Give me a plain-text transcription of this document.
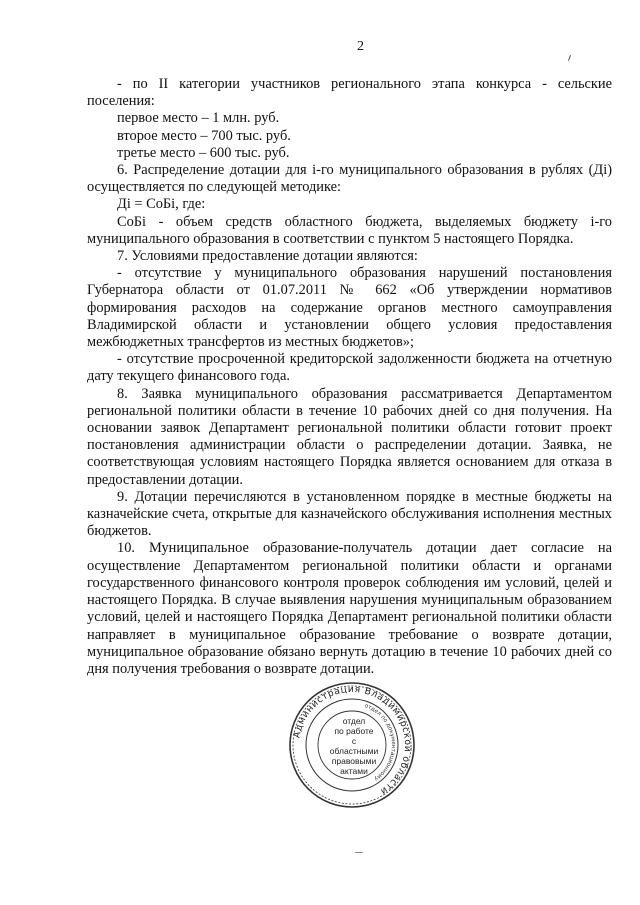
2

- по II категории участников регионального этапа конкурса - сельские поселения:

первое место – 1 млн. руб.

второе место – 700 тыс. руб.

третье место – 600 тыс. руб.

6. Распределение дотации для i-го муниципального образования в рублях (Дi) осуществляется по следующей методике:

Дi = СоБi, где:

СоБi - объем средств областного бюджета, выделяемых бюджету i-го муниципального образования в соответствии с пунктом 5 настоящего Порядка.

7. Условиями предоставление дотации являются:

- отсутствие у муниципального образования нарушений постановления Губернатора области от 01.07.2011 № 662 «Об утверждении нормативов формирования расходов на содержание органов местного самоуправления Владимирской области и установлении общего условия предоставления межбюджетных трансфертов из местных бюджетов»;

- отсутствие просроченной кредиторской задолженности бюджета на отчетную дату текущего финансового года.

8. Заявка муниципального образования рассматривается Департаментом региональной политики области в течение 10 рабочих дней со дня получения. На основании заявок Департамент региональной политики области готовит проект постановления администрации области о распределении дотации. Заявка, не соответствующая условиям настоящего Порядка является основанием для отказа в предоставлении дотации.

9. Дотации перечисляются в установленном порядке в местные бюджеты на казначейские счета, открытые для казначейского обслуживания исполнения местных бюджетов.

10. Муниципальное образование-получатель дотации дает согласие на осуществление Департаментом региональной политики области и органами государственного финансового контроля проверок соблюдения им условий, целей и настоящего Порядка. В случае выявления нарушения муниципальным образованием условий, целей и настоящего Порядка Департамент региональной политики области направляет в муниципальное образование требование о возврате дотации, муниципальное образование обязано вернуть дотацию в течение 10 рабочих дней со дня получения требования о возврате дотации.

Администрация Владимирской области
отдел по документационному
отдел
по работе
с областными
правовыми
актами
